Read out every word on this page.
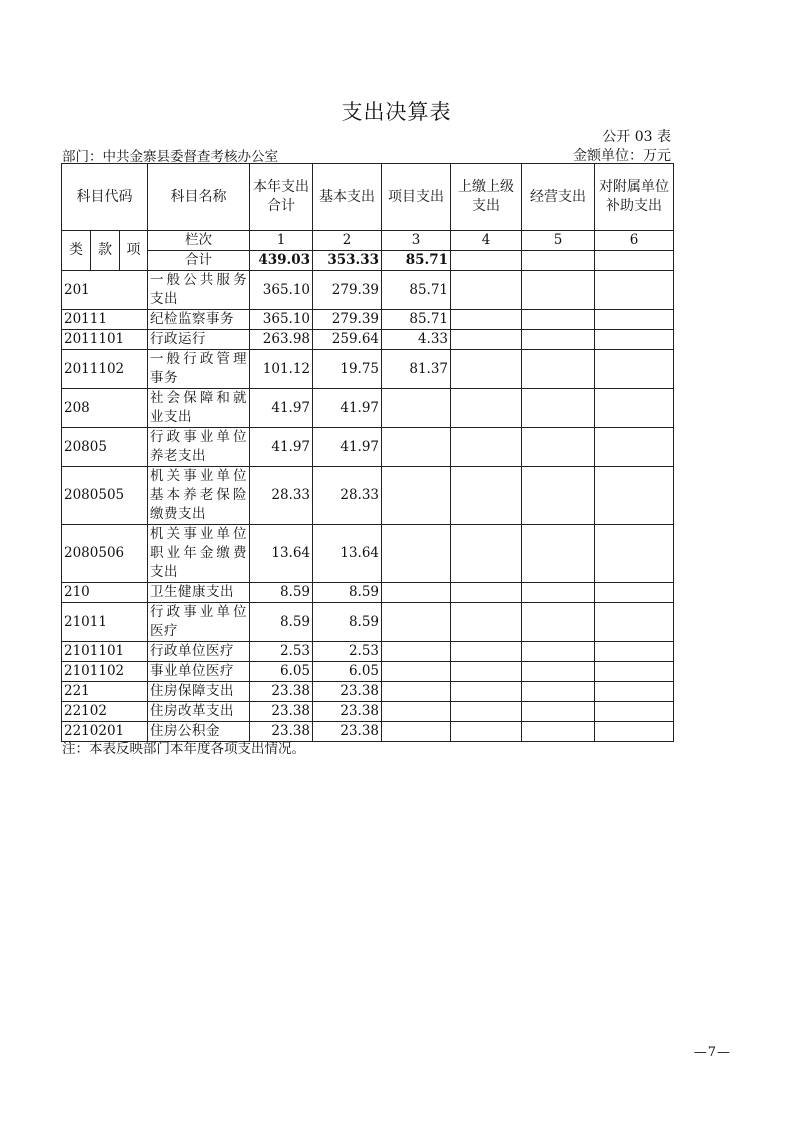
支出决算表
公开 03 表
部门：中共金寨县委督查考核办公室	金额单位：万元
科目代码			科目名称	本年支出合计	基本支出	项目支出	上缴上级支出	经营支出	对附属单位补助支出
类	款	项	栏次	1	2	3	4	5	6
			合计	439.03	353.33	85.71			
201			一般公共服务支出	365.10	279.39	85.71			
20111			纪检监察事务	365.10	279.39	85.71			
2011101			行政运行	263.98	259.64	4.33			
2011102			一般行政管理事务	101.12	19.75	81.37			
208			社会保障和就业支出	41.97	41.97				
20805			行政事业单位养老支出	41.97	41.97				
2080505			机关事业单位基本养老保险缴费支出	28.33	28.33				
2080506			机关事业单位职业年金缴费支出	13.64	13.64				
210			卫生健康支出	8.59	8.59				
21011			行政事业单位医疗	8.59	8.59				
2101101			行政单位医疗	2.53	2.53				
2101102			事业单位医疗	6.05	6.05				
221			住房保障支出	23.38	23.38				
22102			住房改革支出	23.38	23.38				
2210201			住房公积金	23.38	23.38				
注：本表反映部门本年度各项支出情况。
—7—
